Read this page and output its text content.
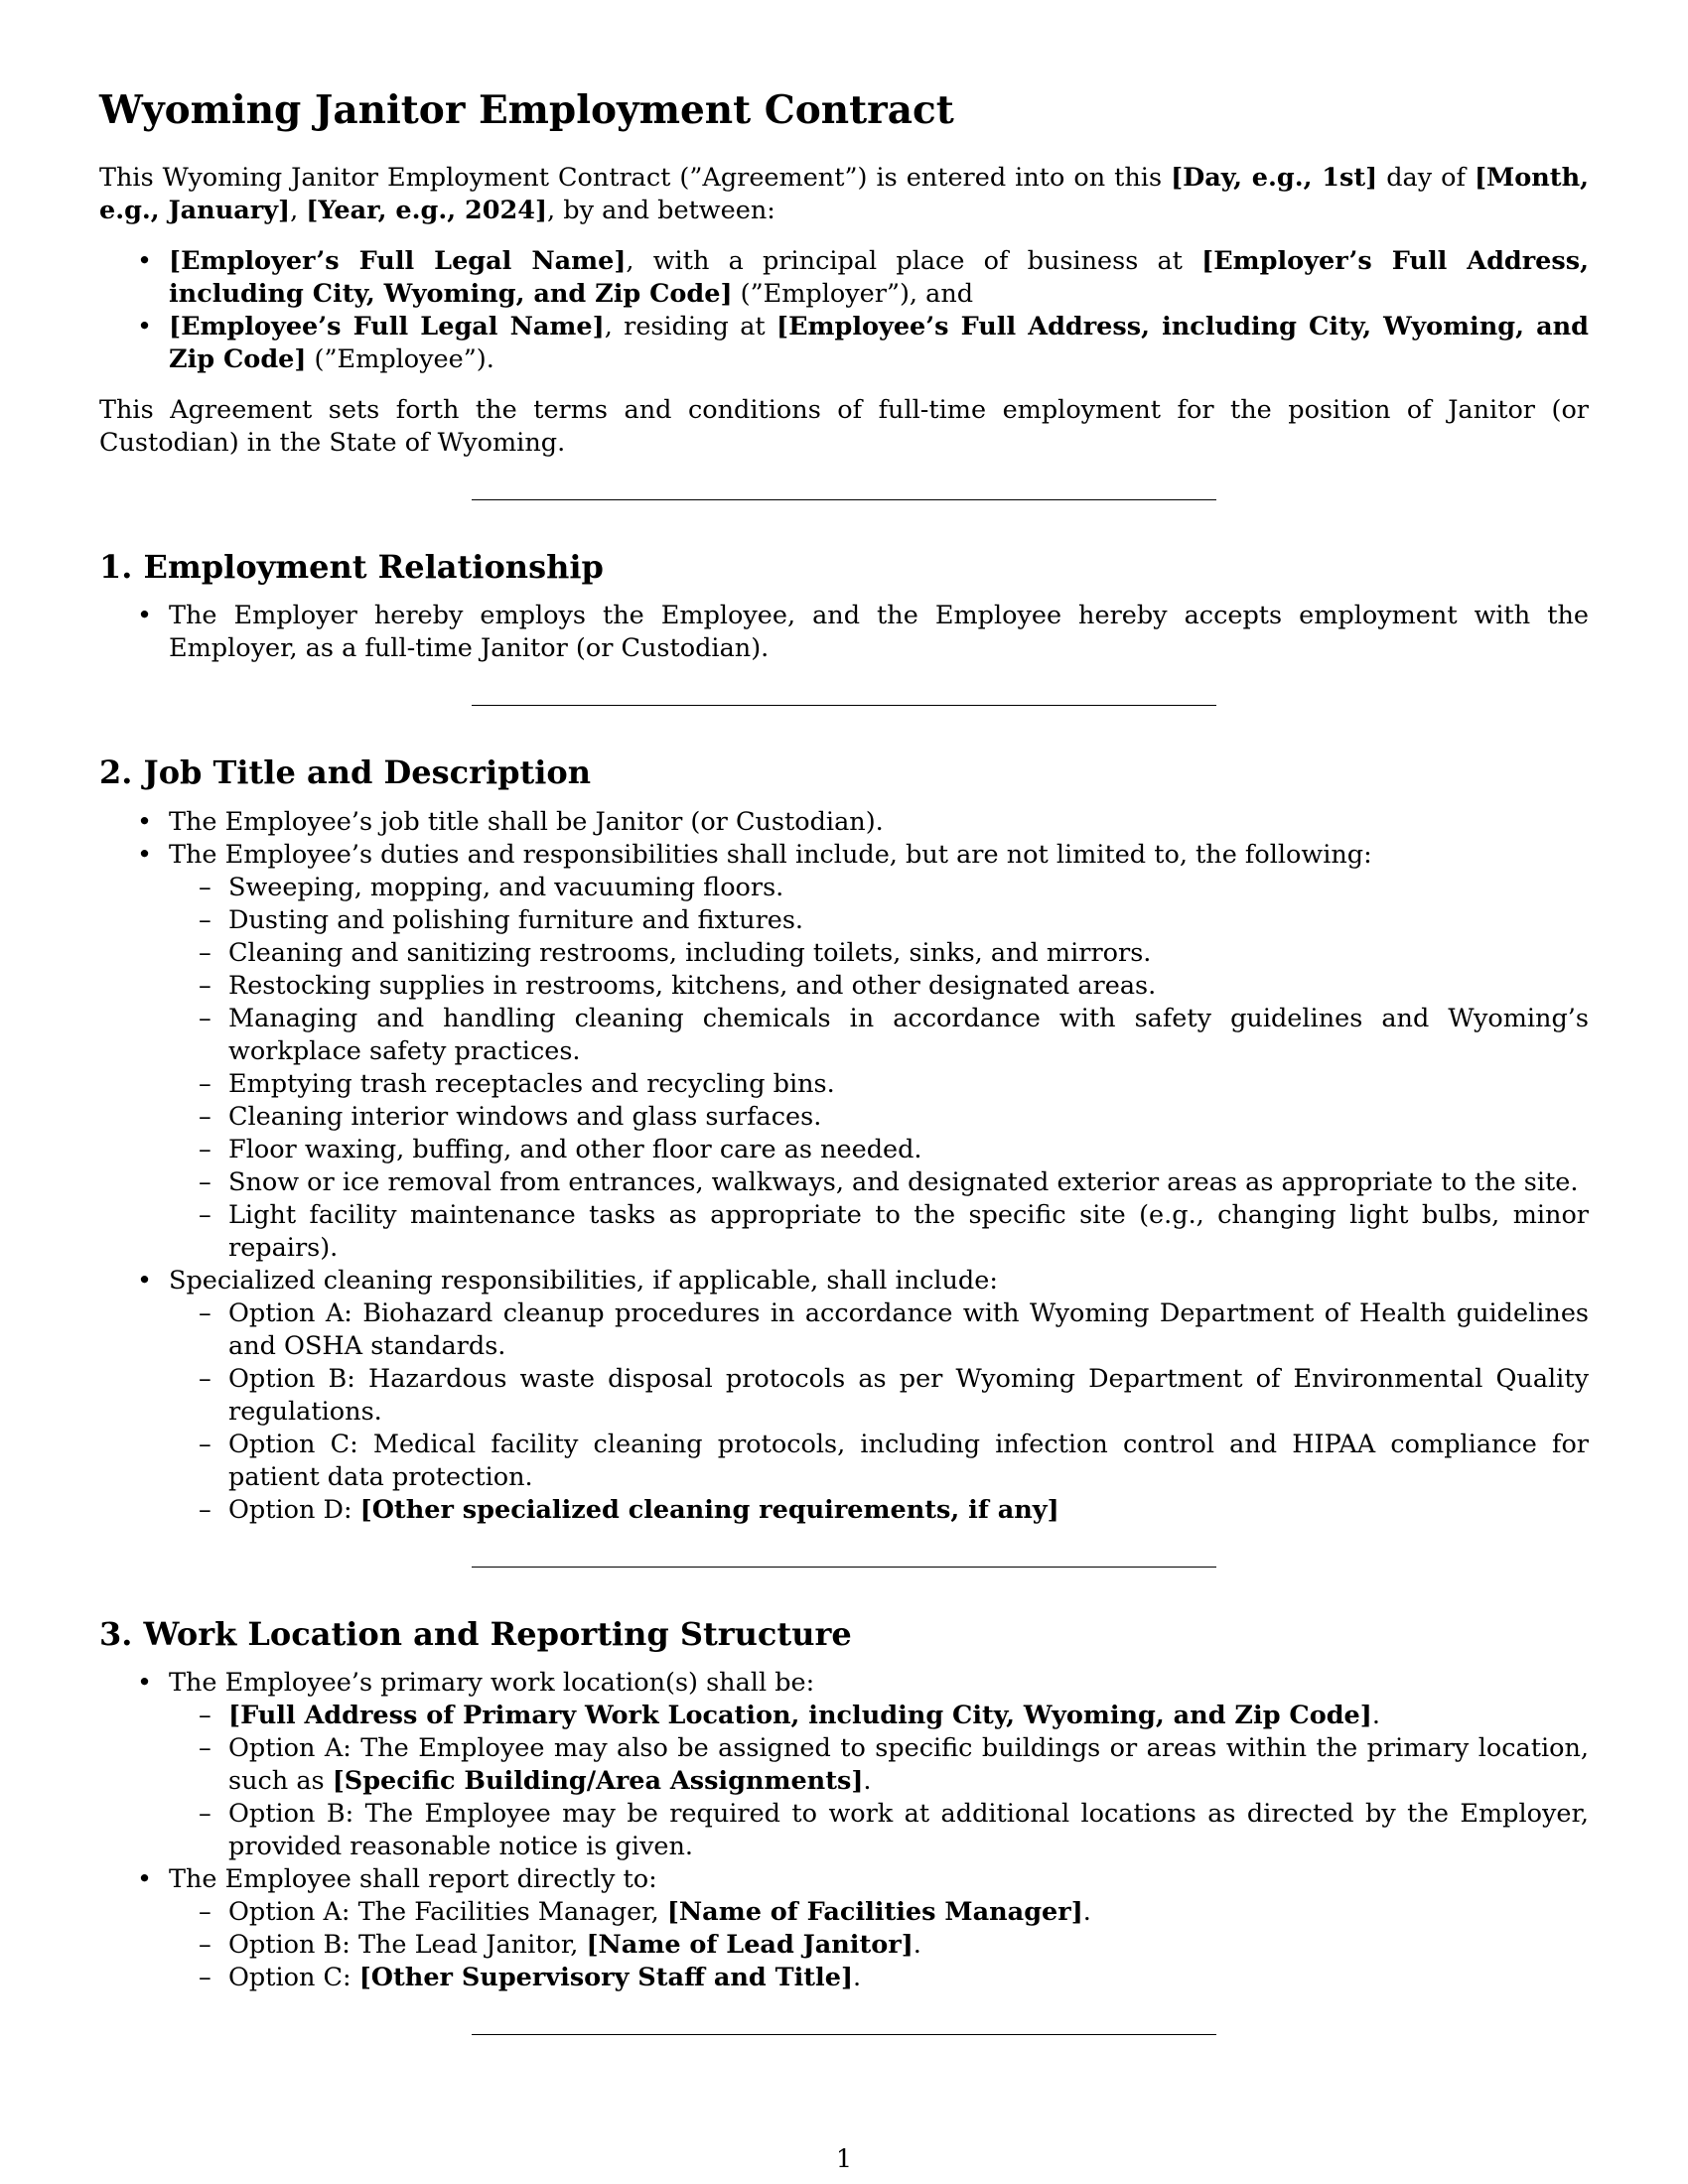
Wyoming Janitor Employment Contract

This Wyoming Janitor Employment Contract (”Agreement”) is entered into on this [Day, e.g., 1st] day of [Month, e.g., January], [Year, e.g., 2024], by and between:

• [Employer’s Full Legal Name], with a principal place of business at [Employer’s Full Address, including City, Wyoming, and Zip Code] (”Employer”), and
• [Employee’s Full Legal Name], residing at [Employee’s Full Address, including City, Wyoming, and Zip Code] (”Employee”).

This Agreement sets forth the terms and conditions of full-time employment for the position of Janitor (or Custodian) in the State of Wyoming.

1. Employment Relationship
• The Employer hereby employs the Employee, and the Employee hereby accepts employment with the Employer, as a full-time Janitor (or Custodian).
2. Job Title and Description
• The Employee’s job title shall be Janitor (or Custodian).
• The Employee’s duties and responsibilities shall include, but are not limited to, the following:
– Sweeping, mopping, and vacuuming floors.
– Dusting and polishing furniture and fixtures.
– Cleaning and sanitizing restrooms, including toilets, sinks, and mirrors.
– Restocking supplies in restrooms, kitchens, and other designated areas.
– Managing and handling cleaning chemicals in accordance with safety guidelines and Wyoming’s workplace safety practices.
– Emptying trash receptacles and recycling bins.
– Cleaning interior windows and glass surfaces.
– Floor waxing, buffing, and other floor care as needed.
– Snow or ice removal from entrances, walkways, and designated exterior areas as appropriate to the site.
– Light facility maintenance tasks as appropriate to the specific site (e.g., changing light bulbs, minor repairs).
• Specialized cleaning responsibilities, if applicable, shall include:
– Option A: Biohazard cleanup procedures in accordance with Wyoming Department of Health guidelines and OSHA standards.
– Option B: Hazardous waste disposal protocols as per Wyoming Department of Environmental Quality regulations.
– Option C: Medical facility cleaning protocols, including infection control and HIPAA compliance for patient data protection.
– Option D: [Other specialized cleaning requirements, if any]
3. Work Location and Reporting Structure
• The Employee’s primary work location(s) shall be:
– [Full Address of Primary Work Location, including City, Wyoming, and Zip Code].
– Option A: The Employee may also be assigned to specific buildings or areas within the primary location, such as [Specific Building/Area Assignments].
– Option B: The Employee may be required to work at additional locations as directed by the Employer, provided reasonable notice is given.
• The Employee shall report directly to:
– Option A: The Facilities Manager, [Name of Facilities Manager].
– Option B: The Lead Janitor, [Name of Lead Janitor].
– Option C: [Other Supervisory Staff and Title].
1
